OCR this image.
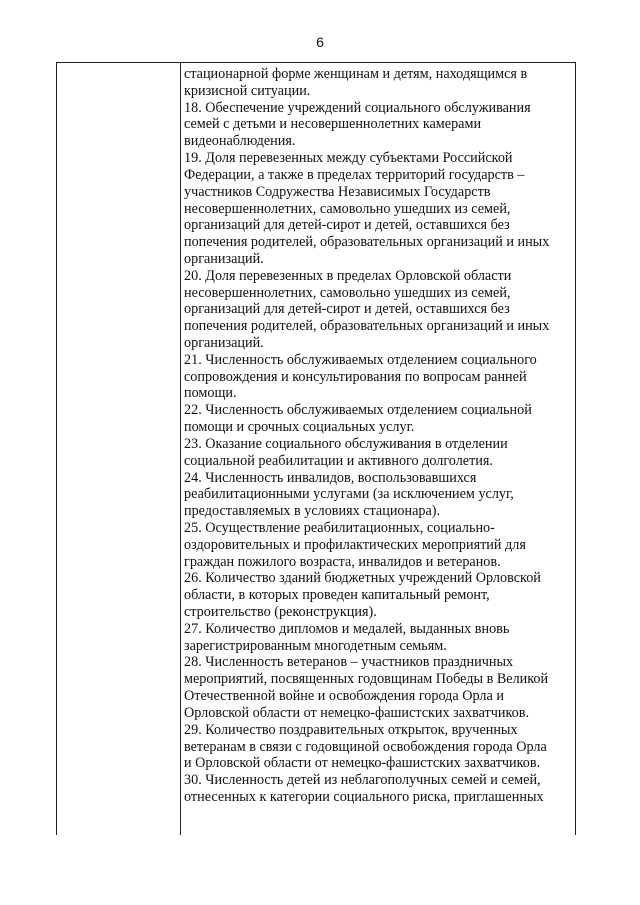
6
стационарной форме женщинам и детям, находящимся в
кризисной ситуации.
18. Обеспечение учреждений социального обслуживания
семей с детьми и несовершеннолетних камерами
видеонаблюдения.
19. Доля перевезенных между субъектами Российской
Федерации, а также в пределах территорий государств –
участников Содружества Независимых Государств
несовершеннолетних, самовольно ушедших из семей,
организаций для детей-сирот и детей, оставшихся без
попечения родителей, образовательных организаций и иных
организаций.
20. Доля перевезенных в пределах Орловской области
несовершеннолетних, самовольно ушедших из семей,
организаций для детей-сирот и детей, оставшихся без
попечения родителей, образовательных организаций и иных
организаций.
21. Численность обслуживаемых отделением социального
сопровождения и консультирования по вопросам ранней
помощи.
22. Численность обслуживаемых отделением социальной
помощи и срочных социальных услуг.
23. Оказание социального обслуживания в отделении
социальной реабилитации и активного долголетия.
24. Численность инвалидов, воспользовавшихся
реабилитационными услугами (за исключением услуг,
предоставляемых в условиях стационара).
25. Осуществление реабилитационных, социально-
оздоровительных и профилактических мероприятий для
граждан пожилого возраста, инвалидов и ветеранов.
26. Количество зданий бюджетных учреждений Орловской
области, в которых проведен капитальный ремонт,
строительство (реконструкция).
27. Количество дипломов и медалей, выданных вновь
зарегистрированным многодетным семьям.
28. Численность ветеранов – участников праздничных
мероприятий, посвященных годовщинам Победы в Великой
Отечественной войне и освобождения города Орла и
Орловской области от немецко-фашистских захватчиков.
29. Количество поздравительных открыток, врученных
ветеранам в связи с годовщиной освобождения города Орла
и Орловской области от немецко-фашистских захватчиков.
30. Численность детей из неблагополучных семей и семей,
отнесенных к категории социального риска, приглашенных
